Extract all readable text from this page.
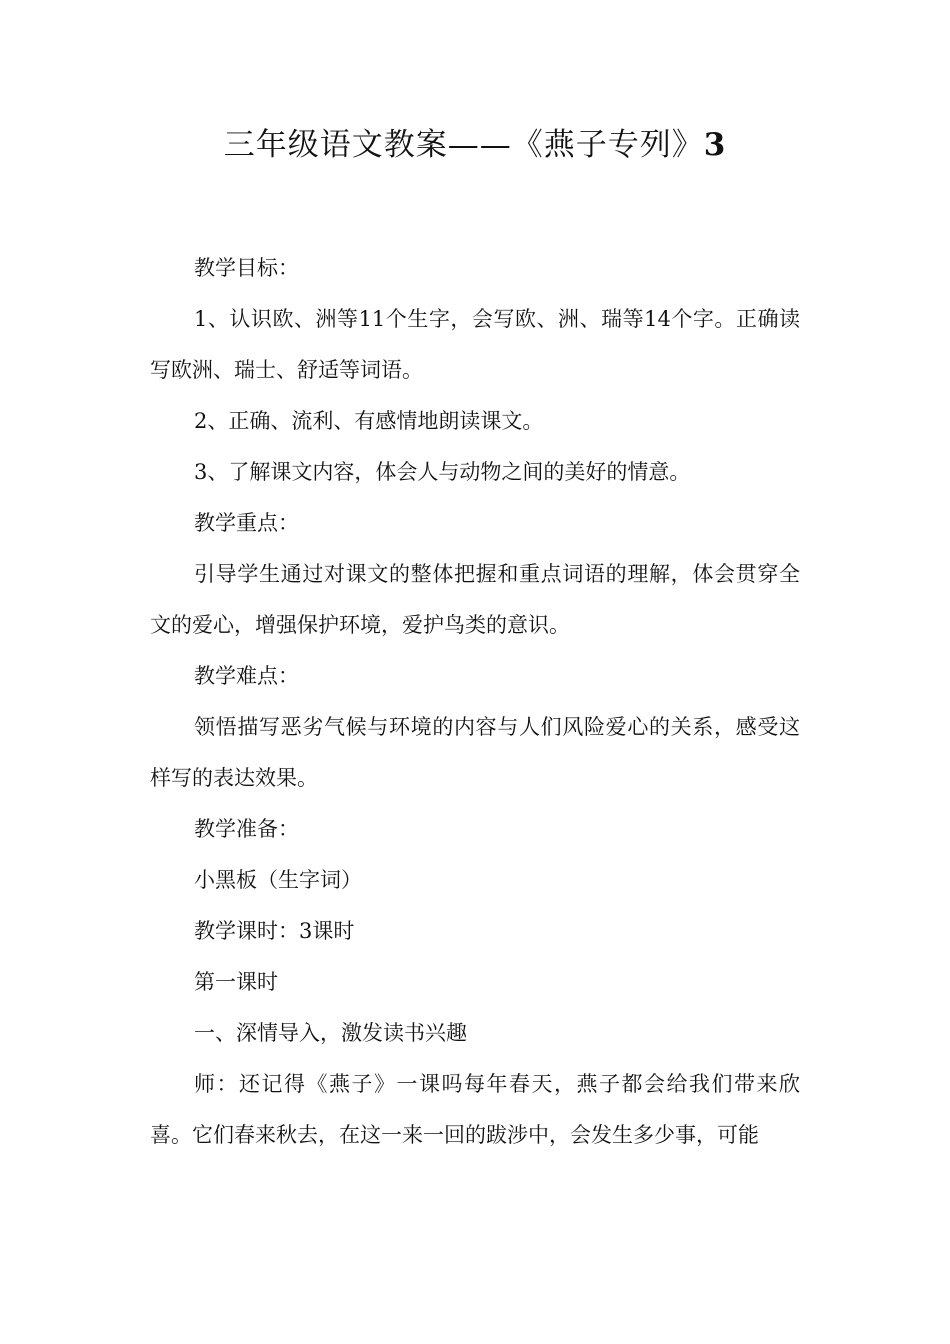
三年级语文教案——《燕子专列》3

教学目标：

1、认识欧、洲等11个生字，会写欧、洲、瑞等14个字。正确读写欧洲、瑞士、舒适等词语。

2、正确、流利、有感情地朗读课文。

3、了解课文内容，体会人与动物之间的美好的情意。

教学重点：

引导学生通过对课文的整体把握和重点词语的理解，体会贯穿全文的爱心，增强保护环境，爱护鸟类的意识。

教学难点：

领悟描写恶劣气候与环境的内容与人们风险爱心的关系，感受这样写的表达效果。

教学准备：

小黑板（生字词）

教学课时：3课时

第一课时

一、深情导入，激发读书兴趣

师：还记得《燕子》一课吗每年春天，燕子都会给我们带来欣喜。它们春来秋去，在这一来一回的跋涉中，会发生多少事，可能
